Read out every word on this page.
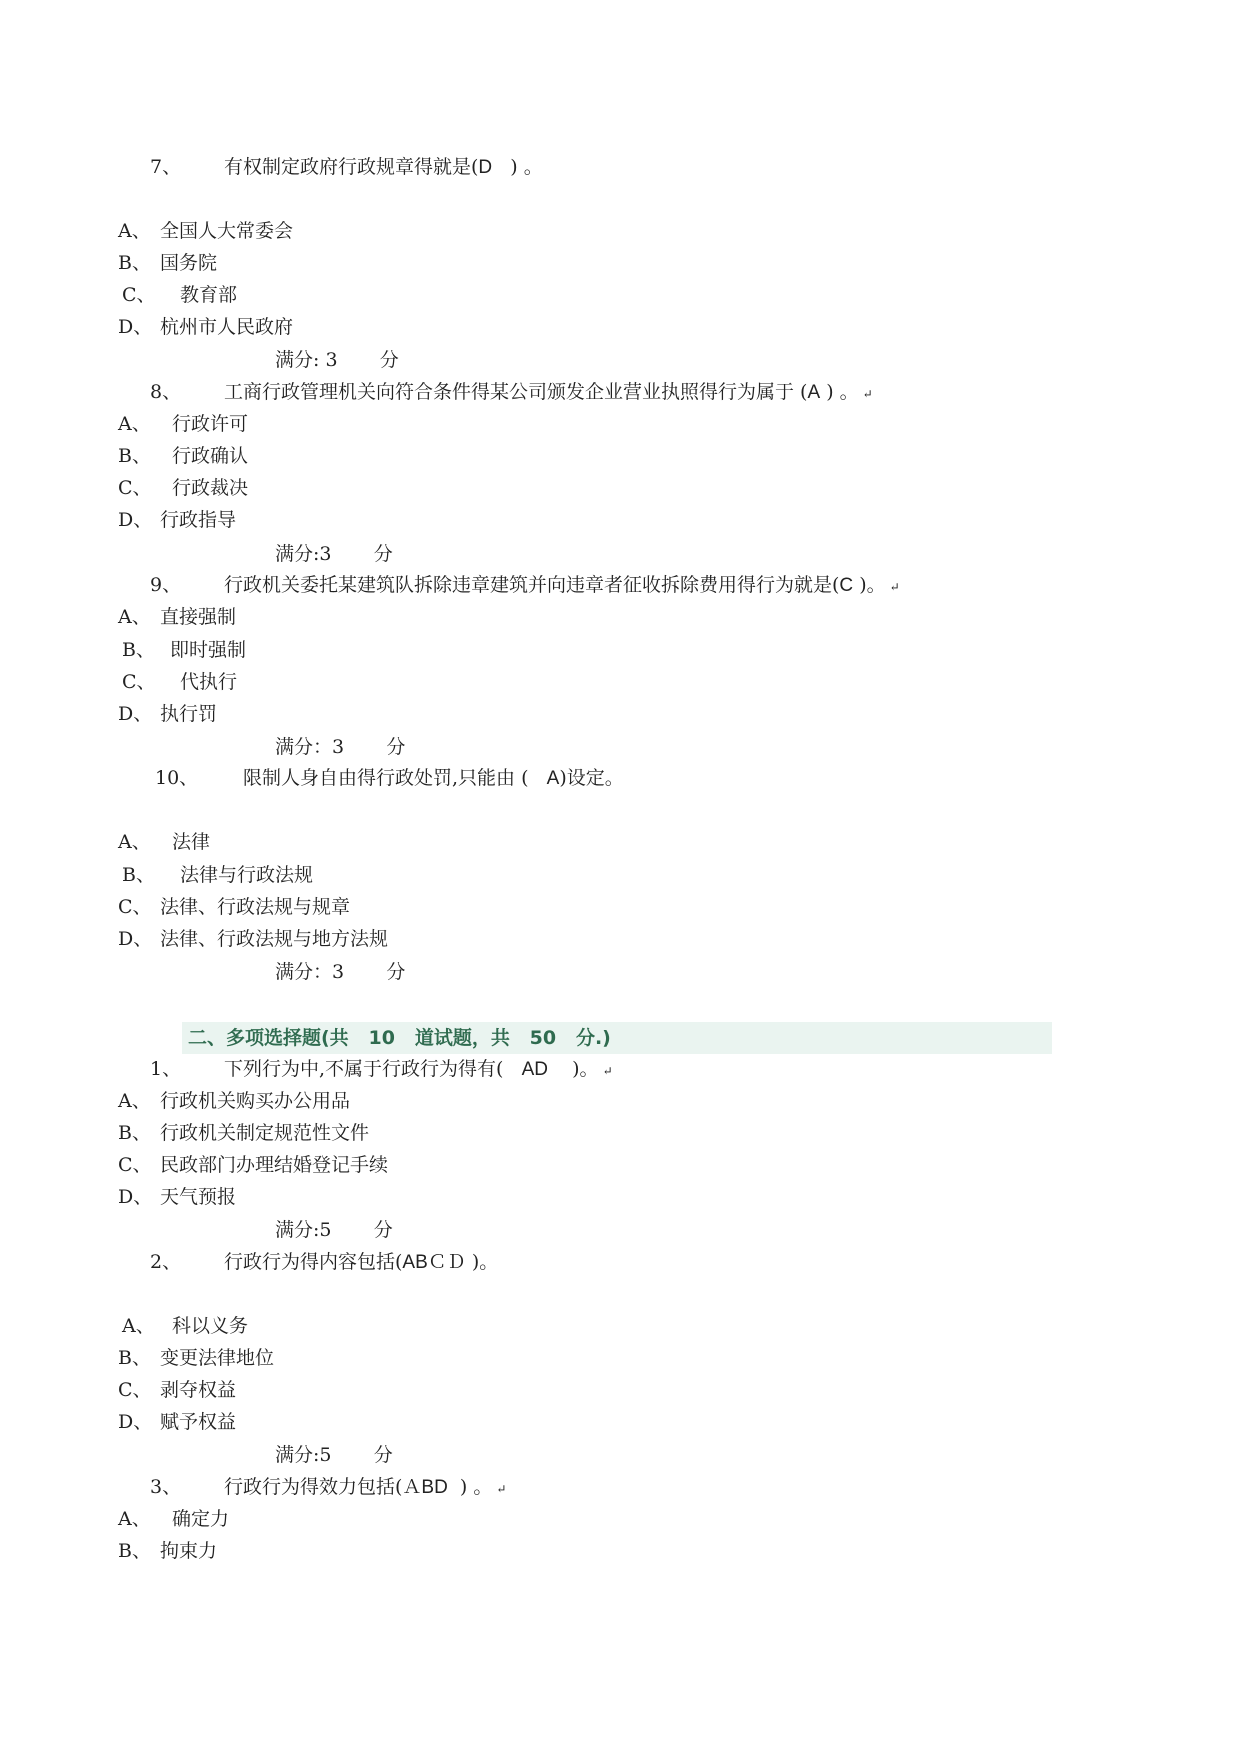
7、 有权制定政府行政规章得就是(D   ) 。
A、 全国人大常委会
B、 国务院
C、 教育部
D、 杭州市人民政府
满分: 3       分
8、 工商行政管理机关向符合条件得某公司颁发企业营业执照得行为属于 (A ) 。 ↵
A、 行政许可
B、 行政确认
C、 行政裁决
D、 行政指导
满分:3       分
9、 行政机关委托某建筑队拆除违章建筑并向违章者征收拆除费用得行为就是(C )。 ↵
A、 直接强制
B、 即时强制
C、 代执行
D、 执行罚
满分：3       分
10、 限制人身自由得行政处罚,只能由 ( A)设定。
A、 法律
B、 法律与行政法规
C、 法律、行政法规与规章
D、 法律、行政法规与地方法规
满分：3       分
二、多项选择题(共   10   道试题，共   50   分.)
1、 下列行为中,不属于行政行为得有( AD    )。 ↵
A、 行政机关购买办公用品
B、 行政机关制定规范性文件
C、 民政部门办理结婚登记手续
D、 天气预报
满分:5       分
2、 行政行为得内容包括(ABＣＤ )。
A、 科以义务
B、 变更法律地位
C、 剥夺权益
D、 赋予权益
满分:5       分
3、 行政行为得效力包括(ＡBD  ) 。 ↵
A、 确定力
B、 拘束力
